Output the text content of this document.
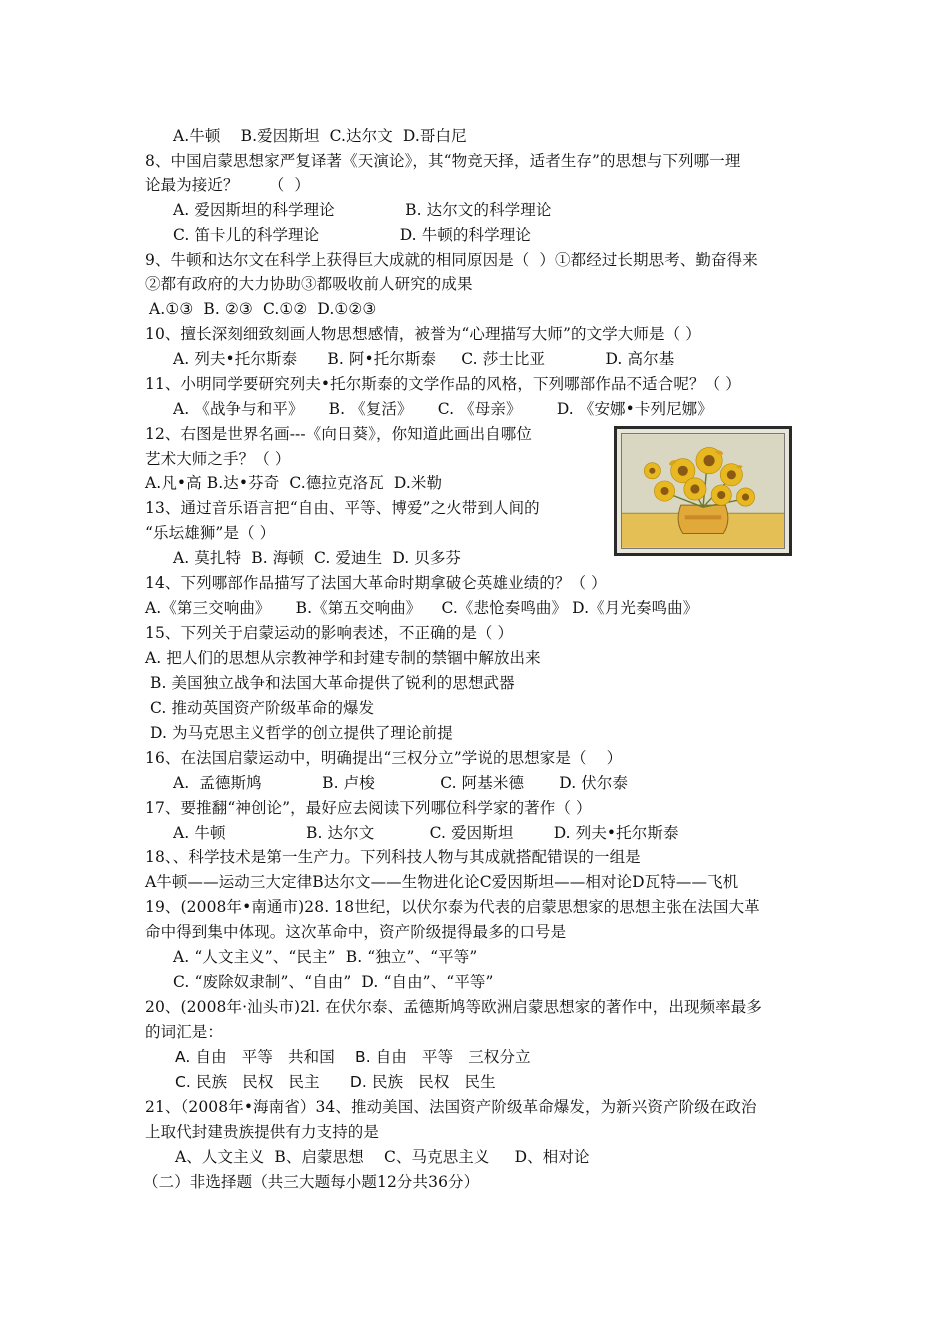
A.牛顿    B.爱因斯坦  C.达尔文  D.哥白尼
8、中国启蒙思想家严复译著《天演论》，其“物竞天择，适者生存”的思想与下列哪一理
论最为接近？      （  ）
A. 爱因斯坦的科学理论              B. 达尔文的科学理论
C. 笛卡儿的科学理论                D. 牛顿的科学理论
9、牛顿和达尔文在科学上获得巨大成就的相同原因是（  ）①都经过长期思考、勤奋得来
②都有政府的大力协助③都吸收前人研究的成果
A.①③  B. ②③  C.①②  D.①②③
10、擅长深刻细致刻画人物思想感情，被誉为“心理描写大师”的文学大师是（ ）
A. 列夫•托尔斯泰      B. 阿•托尔斯泰     C. 莎士比亚            D. 高尔基
11、小明同学要研究列夫•托尔斯泰的文学作品的风格，下列哪部作品不适合呢？（ ）
A. 《战争与和平》     B. 《复活》     C. 《母亲》       D. 《安娜•卡列尼娜》
12、右图是世界名画---《向日葵》，你知道此画出自哪位
艺术大师之手？（ ）
A.凡•高 B.达•芬奇  C.德拉克洛瓦  D.米勒
13、通过音乐语言把“自由、平等、博爱”之火带到人间的
“乐坛雄狮”是（ ）
A. 莫扎特  B. 海顿  C. 爱迪生  D. 贝多芬
14、下列哪部作品描写了法国大革命时期拿破仑英雄业绩的？（ ）
A.《第三交响曲》     B.《第五交响曲》    C.《悲怆奏鸣曲》 D.《月光奏鸣曲》
15、下列关于启蒙运动的影响表述，不正确的是（ ）
A. 把人们的思想从宗教神学和封建专制的禁锢中解放出来
B. 美国独立战争和法国大革命提供了锐利的思想武器
C. 推动英国资产阶级革命的爆发
D. 为马克思主义哲学的创立提供了理论前提
16、在法国启蒙运动中，明确提出“三权分立”学说的思想家是（    ）
A.  孟德斯鸠            B. 卢梭             C. 阿基米德       D. 伏尔泰
17、要推翻“神创论”，最好应去阅读下列哪位科学家的著作（ ）
A. 牛顿                B. 达尔文           C. 爱因斯坦        D. 列夫•托尔斯泰
18、、科学技术是第一生产力。下列科技人物与其成就搭配错误的一组是
A牛顿——运动三大定律B达尔文——生物进化论C爱因斯坦——相对论D瓦特——飞机
19、(2008年•南通市)28. 18世纪，以伏尔泰为代表的启蒙思想家的思想主张在法国大革
命中得到集中体现。这次革命中，资产阶级提得最多的口号是
A. “人文主义”、“民主”  B. “独立”、“平等”
C. “废除奴隶制”、“自由”  D. “自由”、“平等”
20、(2008年·汕头市)2l. 在伏尔泰、孟德斯鸠等欧洲启蒙思想家的著作中，出现频率最多
的词汇是：
A. 自由   平等   共和国    B. 自由   平等   三权分立
C. 民族   民权   民主      D. 民族   民权   民生
21、（2008年•海南省）34、推动美国、法国资产阶级革命爆发，为新兴资产阶级在政治
上取代封建贵族提供有力支持的是
A、人文主义  B、启蒙思想    C、马克思主义     D、相对论
（二）非选择题（共三大题每小题12分共36分）
